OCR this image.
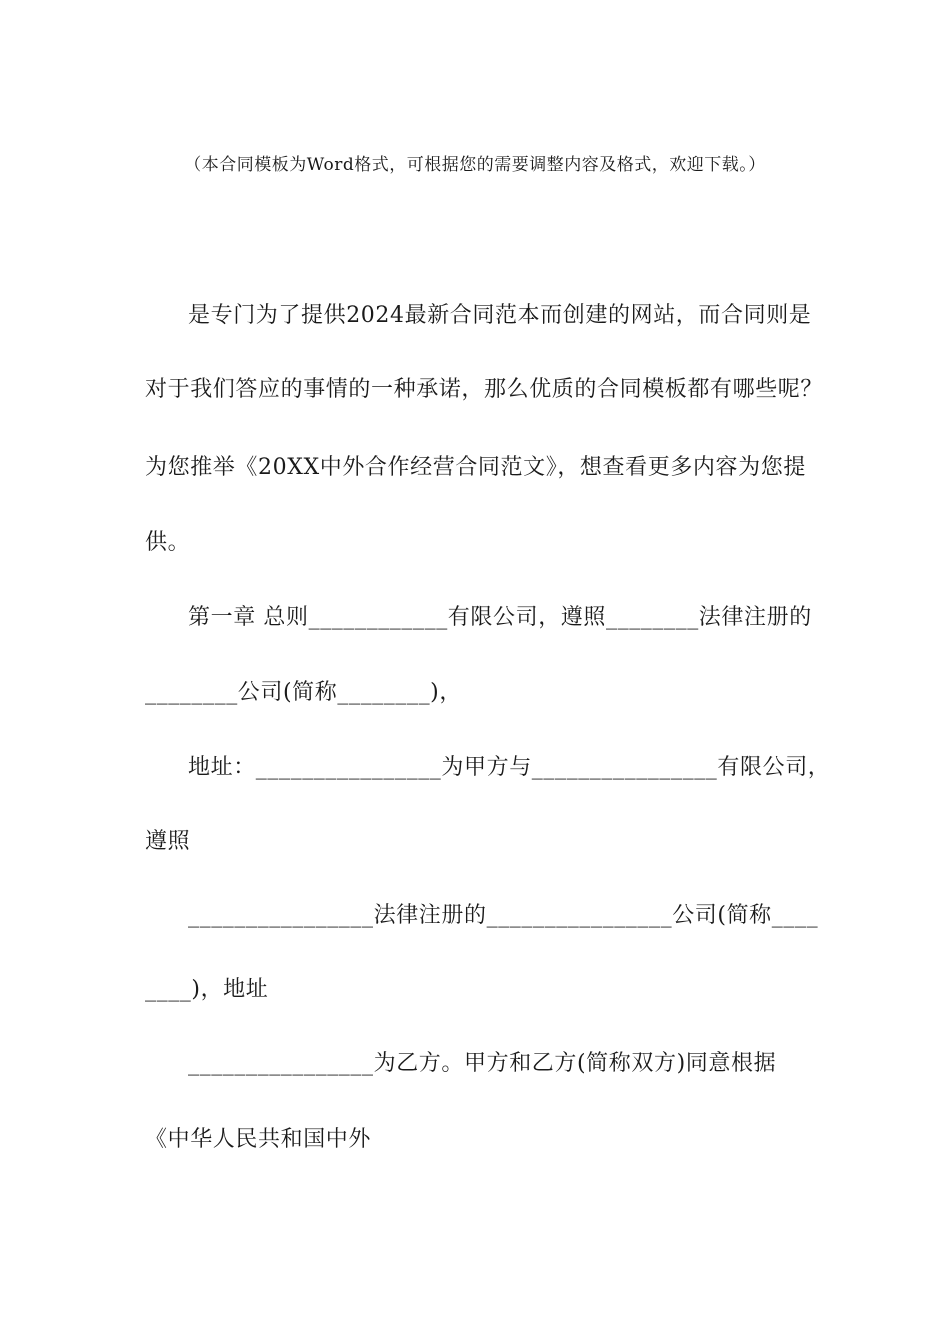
（本合同模板为Word格式，可根据您的需要调整内容及格式，欢迎下载。）
是专门为了提供2024最新合同范本而创建的网站，而合同则是
对于我们答应的事情的一种承诺，那么优质的合同模板都有哪些呢？
为您推举《20XX中外合作经营合同范文》，想查看更多内容为您提
供。
第一章 总则____________有限公司，遵照________法律注册的
________公司(简称________)，
地址：________________为甲方与________________有限公司，
遵照
________________法律注册的________________公司(简称____
____)，地址
________________为乙方。甲方和乙方(简称双方)同意根据
《中华人民共和国中外
